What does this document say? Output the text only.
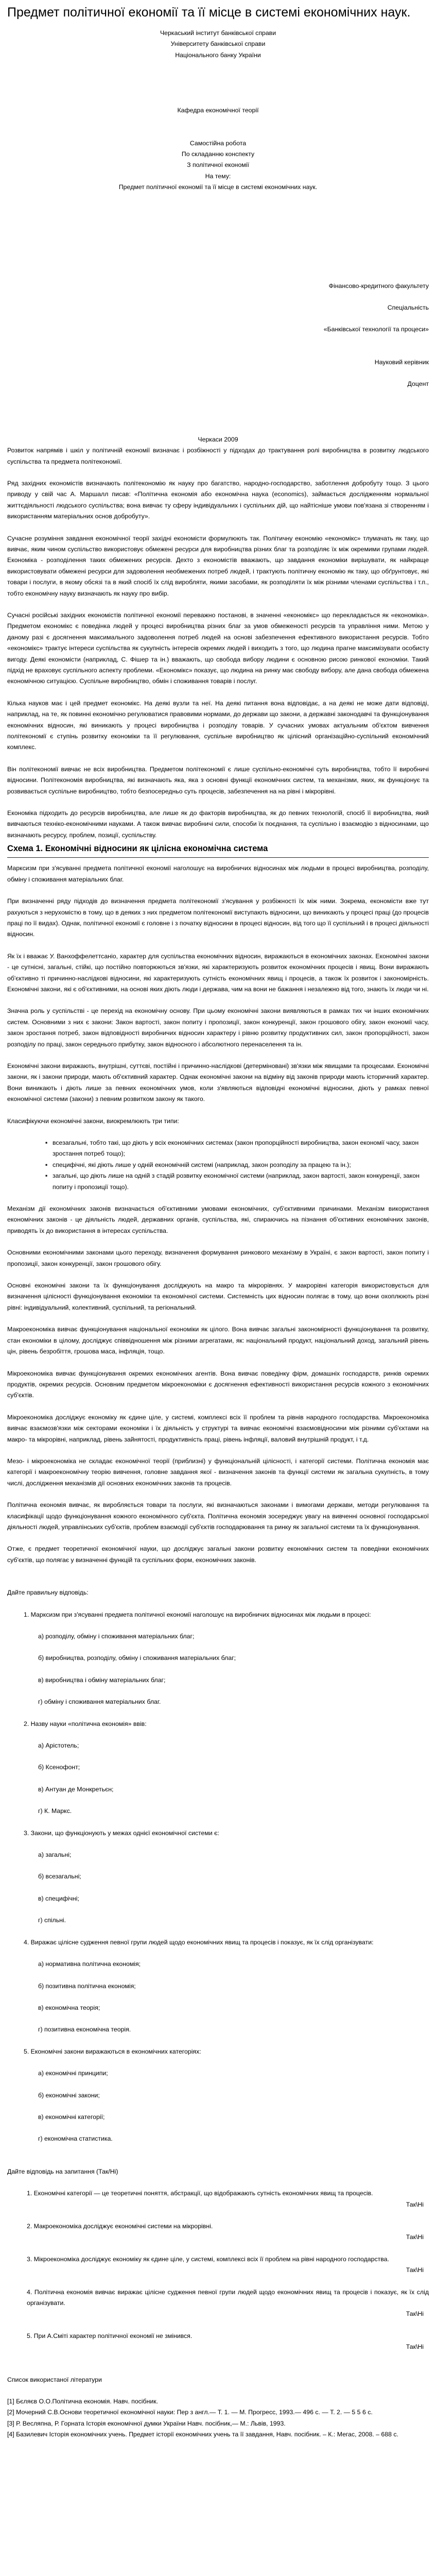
Предмет політичної економії та її місце в системі економічних наук.

Черкаський інститут банківської справи

Університету банківської справи

Національного банку України

Кафедра економічної теорії

Самостійна робота

По складанню конспекту

З політичної економії

На тему:

Предмет політичної економії та її місце в системі економічних наук.

Фінансово-кредитного факультету

Спеціальність

«Банківської технології та процеси»

Науковий керівник

Доцент

Черкаси 2009

Розвиток напрямів і шкіл у політичній економії визначає і розбіжності у підходах до трактування ролі виробництва в розвитку людського суспільства та предмета політекономії.

Ряд західних економістів визначають політекономію як науку про багатство, народно-господарство, заботлення добробуту тощо. З цього приводу у свій час А. Маршалл писав: «Політична економія або економічна наука (economics), займається дослідженням нормальної життєдіяльності людського суспільства; вона вивчає ту сферу індивідуальних і суспільних дій, що найтісніше умови пов'язана зі створенням і використанням матеріальних основ добробуту».

Сучасне розуміння завдання економічної теорії західні економісти формулюють так. Політичну економію «економікс» тлумачать як таку, що вивчає, яким чином суспільство використовує обмежені ресурси для виробництва різних благ та розподіляє їх між окремими групами людей. Економіка - розподілення таких обмежених ресурсів. Дехто з економістів вважають, що завдання економіки вирішувати, як найкраще використовувати обмежені ресурси для задоволення необмежених потреб людей, і трактують політичну економію як таку, що обґрунтовує, які товари і послуги, в якому обсязі та в який спосіб їх слід виробляти, якими засобами, як розподіляти їх між різними членами суспільства і т.п., тобто економічну науку визначають як науку про вибір.

Сучасні російські західних економістів політичної економії переважно постанові, в значенні «економікс» що перекладається як «економіка». Предметом економікс є поведінка людей у процесі виробництва різних благ за умов обмеженості ресурсів та управління ними. Метою у даному разі є досягнення максимального задоволення потреб людей на основі забезпечення ефективного використання ресурсів. Тобто «економікс» трактує інтереси суспільства як сукупність інтересів окремих людей і виходить з того, що людина прагне максимізувати особисту вигоду. Деякі економісти (наприклад, С. Фішер та ін.) вважають, що свобода вибору людини є основною рисою ринкової економіки. Такий підхід не враховує суспільного аспекту проблеми. «Економікс» показує, що людина на ринку має свободу вибору, але дана свобода обмежена економічною ситуацією. Суспільне виробництво, обмін і споживання товарів і послуг.

Кілька науков має і цей предмет економікс. На деякі вузли та неї. На деякі питання вона відповідає, а на деякі не може дати відповіді, наприклад, на те, як повинні економічно регулюватися правовими нормами, до держави що закони, а державні законодавчі та функціонування економічних відносин, які виникають у процесі виробництва і розподілу товарів. У сучасних умовах актуальним об'єктом вивчення політекономії є ступінь розвитку економіки та її регулювання, суспільне виробництво як цілісний організаційно-суспільний економічний комплекс.

Він політекономії вивчає не всіх виробництва. Предметом політекономії є лише суспільно-економічні суть виробництва, тобто її виробничі відносини. Політекономія виробництва, які визначають яка, яка з основні функції економічних систем, та механізми, яких, як функціонує та розвивається суспільне виробництво, тобто безпосередньо суть процесів, забезпечення на на рівні і мікрорівні.

Економіка підходить до ресурсів виробництва, але лише як до факторів виробництва, як до певних технологій, спосіб її виробництва, який вивчаються техніко-економічними науками. А також вивчає виробничі сили, способи їх поєднання, та суспільно і взаємодію з відносинами, що визначають ресурсу, проблем, позиції, суспільству.

Схема 1. Економічні відносини як цілісна економічна система

Марксизм при з'ясуванні предмета політичної економії наголошує на виробничих відносинах між людьми в процесі виробництва, розподілу, обміну і споживання матеріальних благ.

При визначенні ряду підходів до визначення предмета політекономії з'ясування у розбіжності їх між ними. Зокрема, економісти вже тут рахуються з нерухомістю в тому, що в деяких з них предметом політекономії виступають відносини, що виникають у процесі праці (до процесів праці по її видах). Однак, політичної економії є головне і з початку відносини в процесі відносин, від того що її суспільний і в процесі діяльності відносин.

Як їх і вважає У. Ванхоффелеттсаніо, характер для суспільства економічних відносин, виражаються в економічних законах. Економічні закони - це сутнісні, загальні, стійкі, що постійно повторюються зв'язки, які характеризують розвиток економічних процесів і явищ. Вони виражають об'єктивно ті причинно-наслідкові відносини, які характеризують сутність економічних явищ і процесів, а також їх розвиток і закономірність. Економічні закони, які є об'єктивними, на основі яких діють люди і держава, чим на вони не бажання і незалежно від того, знають їх люди чи ні.

Значна роль у суспільстві - це перехід на економічну основу. При цьому економічні закони виявляються в рамках тих чи інших економічних систем. Основними з них є закони: Закон вартості, закон попиту і пропозиції, закон конкуренції, закон грошового обігу, закон економії часу, закон зростання потреб, закон відповідності виробничих відносин характеру і рівню розвитку продуктивних сил, закон пропорційності, закон розподілу по праці, закон середнього прибутку, закон відносного і абсолютного перенаселення та ін.

Економічні закони виражають, внутрішні, суттєві, постійні і причинно-наслідкові (детерміновані) зв'язки між явищами та процесами. Економічні закони, як і закони природи, мають об'єктивний характер. Однак економічні закони на відміну від законів природи мають історичний характер. Вони виникають і діють лише за певних економічних умов, коли з'являються відповідні економічні відносини, діють у рамках певної економічної системи (закони) з певним розвитком закону як такого.

Класифікуючи економічні закони, виокремлюють три типи:

▪ всезагальні, тобто такі, що діють у всіх економічних системах (закон пропорційності виробництва, закон економії часу, закон зростання потреб тощо);
▪ специфічні, які діють лише у одній економічній системі (наприклад, закон розподілу за працею та ін.);
▪ загальні, що діють лише на одній з стадій розвитку економічної системи (наприклад, закон вартості, закон конкуренції, закон попиту і пропозиції тощо).

Механізм дії економічних законів визначається об'єктивними умовами економічних, суб'єктивними причинами. Механізм використання економічних законів - це діяльність людей, державних органів, суспільства, які, спираючись на пізнання об'єктивних економічних законів, приводять їх до використання в інтересах суспільства.

Основними економічними законами цього переходу, визначення формування ринкового механізму в Україні, є закон вартості, закон попиту і пропозиції, закон конкуренції, закон грошового обігу.

Основні економічні закони та їх функціонування досліджують на макро та мікрорівнях. У макрорівні категорія використовується для визначення цілісності функціонування економіки та економічної системи. Системність цих відносин полягає в тому, що вони охоплюють різні рівні: індивідуальний, колективний, суспільний, та регіональний.

Макроекономіка вивчає функціонування національної економіки як цілого. Вона вивчає загальні закономірності функціонування та розвитку, стан економіки в цілому, досліджує співвідношення між різними агрегатами, як: національний продукт, національний доход, загальний рівень цін, рівень безробіття, грошова маса, інфляція, тощо.

Мікроекономіка вивчає функціонування окремих економічних агентів. Вона вивчає поведінку фірм, домашніх господарств, ринків окремих продуктів, окремих ресурсів. Основним предметом мікроекономіки є досягнення ефективності використання ресурсів кожного з економічних суб'єктів.

Мікроекономіка досліджує економіку як єдине ціле, у системі, комплексі всіх її проблем та рівнів народного господарства. Мікроекономіка вивчає взаємозв'язки між секторами економіки і їх діяльність у структурі та вивчає економічні взаємовідносини між різними суб'єктами на макро- та мікрорівні, наприклад, рівень зайнятості, продуктивність праці, рівень інфляції, валовий внутрішній продукт, і т.д.

Мезо- і мікроекономіка не складає економічної теорії (приблизні) у функціональній цілісності, і категорії системи. Політична економія має категорії і макроекономічну теорію вивчення, головне завдання якої - визначення законів та функції системи як загальна сукупність, в тому числі, дослідження механізмів дії основних економічних законів та процесів.

Політична економія вивчає, як виробляється товари та послуги, які визначаються законами і вимогами держави, методи регулювання та класифікації щодо функціонування кожного економічного суб'єкта. Політична економія зосереджує увагу на вивченні основної господарської діяльності людей, управлінських суб'єктів, проблем взаємодії суб'єктів господарювання та ринку як загальної системи та їх функціонування.

Отже, є предмет теоретичної економічної науки, що досліджує загальні закони розвитку економічних систем та поведінки економічних суб'єктів, що полягає у визначенні функцій та суспільних форм, економічних законів.

Дайте правильну відповідь:

1. Марксизм при з'ясуванні предмета політичної економії наголошує на виробничих відносинах між людьми в процесі:

а) розподілу, обміну і споживання матеріальних благ;

б) виробництва, розподілу, обміну і споживання матеріальних благ;

в) виробництва і обміну матеріальних благ;

г) обміну і споживання матеріальних благ.

2. Назву науки «політична економія» ввів:

а) Арістотель;

б) Ксенофонт;

в) Антуан де Монкретьєн;

г) К. Маркс.

3. Закони, що функціонують у межах однієї економічної системи є:

а) загальні;

б) всезагальні;

в) специфічні;

г) спільні.

4. Виражає цілісне судження певної групи людей щодо економічних явищ та процесів і показує, як їх слід організувати:

а) нормативна політична економія;

б) позитивна політична економія;

в) економічна теорія;

г) позитивна економічна теорія.

5. Економічні закони виражаються в економічних категоріях:

а) економічні принципи;

б) економічні закони;

в) економічні категорії;

г) економічна статистика.

Дайте відповідь на запитання (Так/Ні)

1. Економічні категорії — це теоретичні поняття, абстракції, що відображають сутність економічних явищ та процесів.

Так\Ні

2. Макроекономіка досліджує економічні системи на мікрорівні.

Так\Ні

3. Мікроекономіка досліджує економіку як єдине ціле, у системі, комплексі всіх її проблем на рівні народного господарства.

Так\Ні

4. Політична економія вивчає виражає цілісне судження певної групи людей щодо економічних явищ та процесів і показує, як їх слід організувати.

Так\Ні

5. При А.Сміті характер політичної економії не змінився.

Так\Ні

Список використаної літератури

[1] Бєляєв О.О.Політична економія. Навч. посібник.

[2] Мочерний С.В.Основи теоретичної економічної науки: Пер з англ.— Т. 1. — М. Прогресс, 1993.— 496 с. — Т. 2. — 5 5 6 с.

[3] Р. Весляпна, Р. Горната Історія економічної думки України Навч. посібник,— М.: Львів, 1993.

[4] Базилевич Історія економічних учень. Предмет історії економічних учень та її завдання, Навч. посібник. – К.: Мегас, 2008. – 688 с.
